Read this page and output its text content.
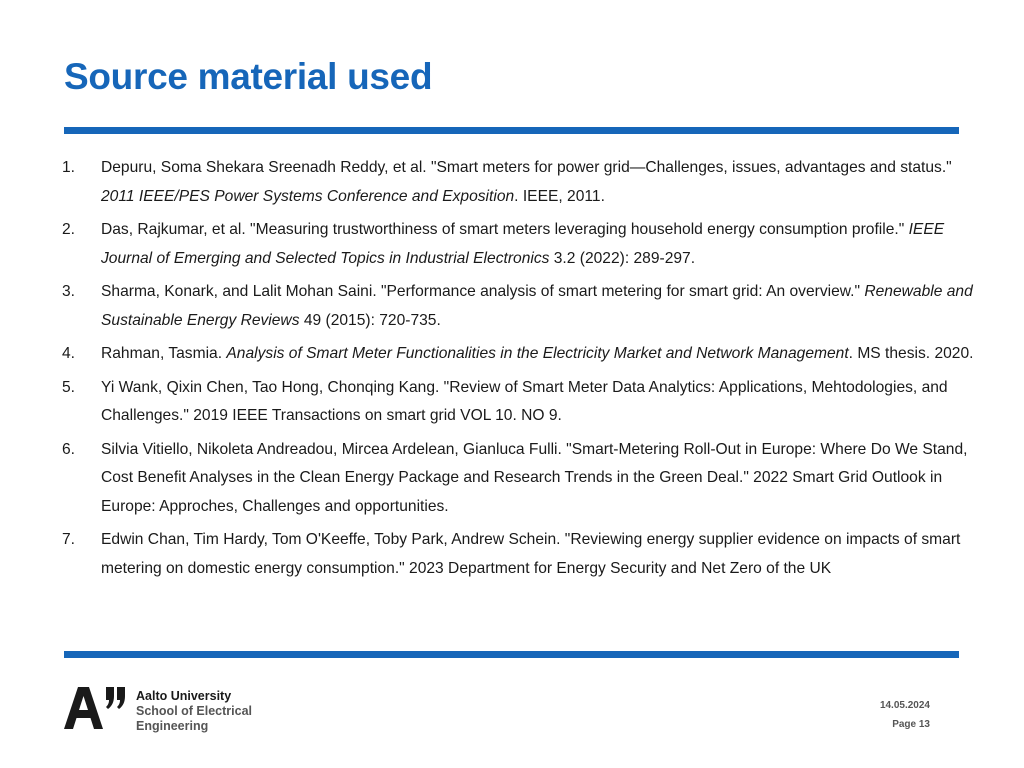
Source material used
1. Depuru, Soma Shekara Sreenadh Reddy, et al. "Smart meters for power grid—Challenges, issues, advantages and status." 2011 IEEE/PES Power Systems Conference and Exposition. IEEE, 2011.
2. Das, Rajkumar, et al. "Measuring trustworthiness of smart meters leveraging household energy consumption profile." IEEE Journal of Emerging and Selected Topics in Industrial Electronics 3.2 (2022): 289-297.
3. Sharma, Konark, and Lalit Mohan Saini. "Performance analysis of smart metering for smart grid: An overview." Renewable and Sustainable Energy Reviews 49 (2015): 720-735.
4. Rahman, Tasmia. Analysis of Smart Meter Functionalities in the Electricity Market and Network Management. MS thesis. 2020.
5. Yi Wank, Qixin Chen, Tao Hong, Chonqing Kang. "Review of Smart Meter Data Analytics: Applications, Mehtodologies, and Challenges." 2019 IEEE Transactions on smart grid VOL 10. NO 9.
6. Silvia Vitiello, Nikoleta Andreadou, Mircea Ardelean, Gianluca Fulli. "Smart-Metering Roll-Out in Europe: Where Do We Stand, Cost Benefit Analyses in the Clean Energy Package and Research Trends in the Green Deal." 2022 Smart Grid Outlook in Europe: Approches, Challenges and opportunities.
7. Edwin Chan, Tim Hardy, Tom O'Keeffe, Toby Park, Andrew Schein. "Reviewing energy supplier evidence on impacts of smart metering on domestic energy consumption." 2023 Department for Energy Security and Net Zero of the UK
Aalto University
School of Electrical Engineering
14.05.2024
Page 13
